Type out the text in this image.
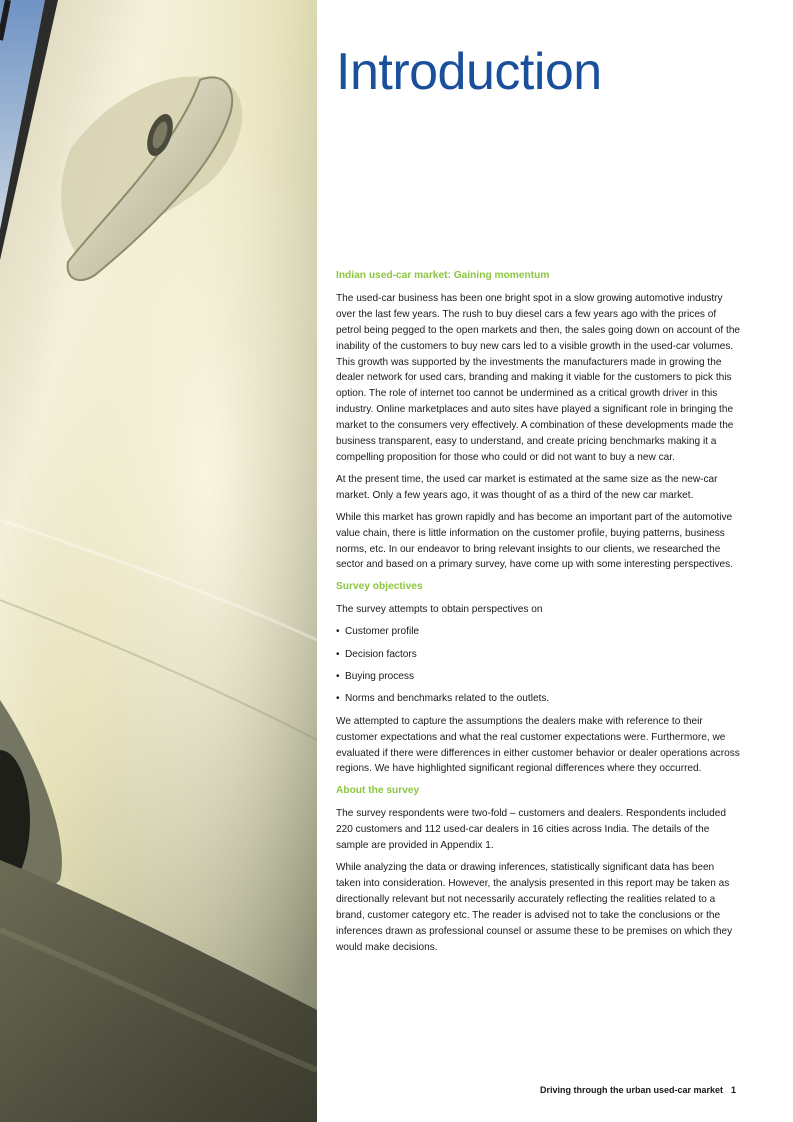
Introduction

Indian used-car market: Gaining momentum

The used-car business has been one bright spot in a slow growing automotive industry over the last few years. The rush to buy diesel cars a few years ago with the prices of petrol being pegged to the open markets and then, the sales going down on account of the inability of the customers to buy new cars led to a visible growth in the used-car volumes. This growth was supported by the investments the manufacturers made in growing the dealer network for used cars, branding and making it viable for the customers to pick this option. The role of internet too cannot be undermined as a critical growth driver in this industry. Online marketplaces and auto sites have played a significant role in bringing the market to the consumers very effectively. A combination of these developments made the business transparent, easy to understand, and create pricing benchmarks making it a compelling proposition for those who could or did not want to buy a new car.

At the present time, the used car market is estimated at the same size as the new-car market. Only a few years ago, it was thought of as a third of the new car market.

While this market has grown rapidly and has become an important part of the automotive value chain, there is little information on the customer profile, buying patterns, business norms, etc. In our endeavor to bring relevant insights to our clients, we researched the sector and based on a primary survey, have come up with some interesting perspectives.

Survey objectives

The survey attempts to obtain perspectives on

• Customer profile
• Decision factors
• Buying process
• Norms and benchmarks related to the outlets.

We attempted to capture the assumptions the dealers make with reference to their customer expectations and what the real customer expectations were. Furthermore, we evaluated if there were differences in either customer behavior or dealer operations across regions. We have highlighted significant regional differences where they occurred.

About the survey

The survey respondents were two-fold – customers and dealers. Respondents included 220 customers and 112 used-car dealers in 16 cities across India. The details of the sample are provided in Appendix 1.

While analyzing the data or drawing inferences, statistically significant data has been taken into consideration. However, the analysis presented in this report may be taken as directionally relevant but not necessarily accurately reflecting the realities related to a brand, customer category etc. The reader is advised not to take the conclusions or the inferences drawn as professional counsel or assume these to be premises on which they would make decisions.

Driving through the urban used-car market 1
